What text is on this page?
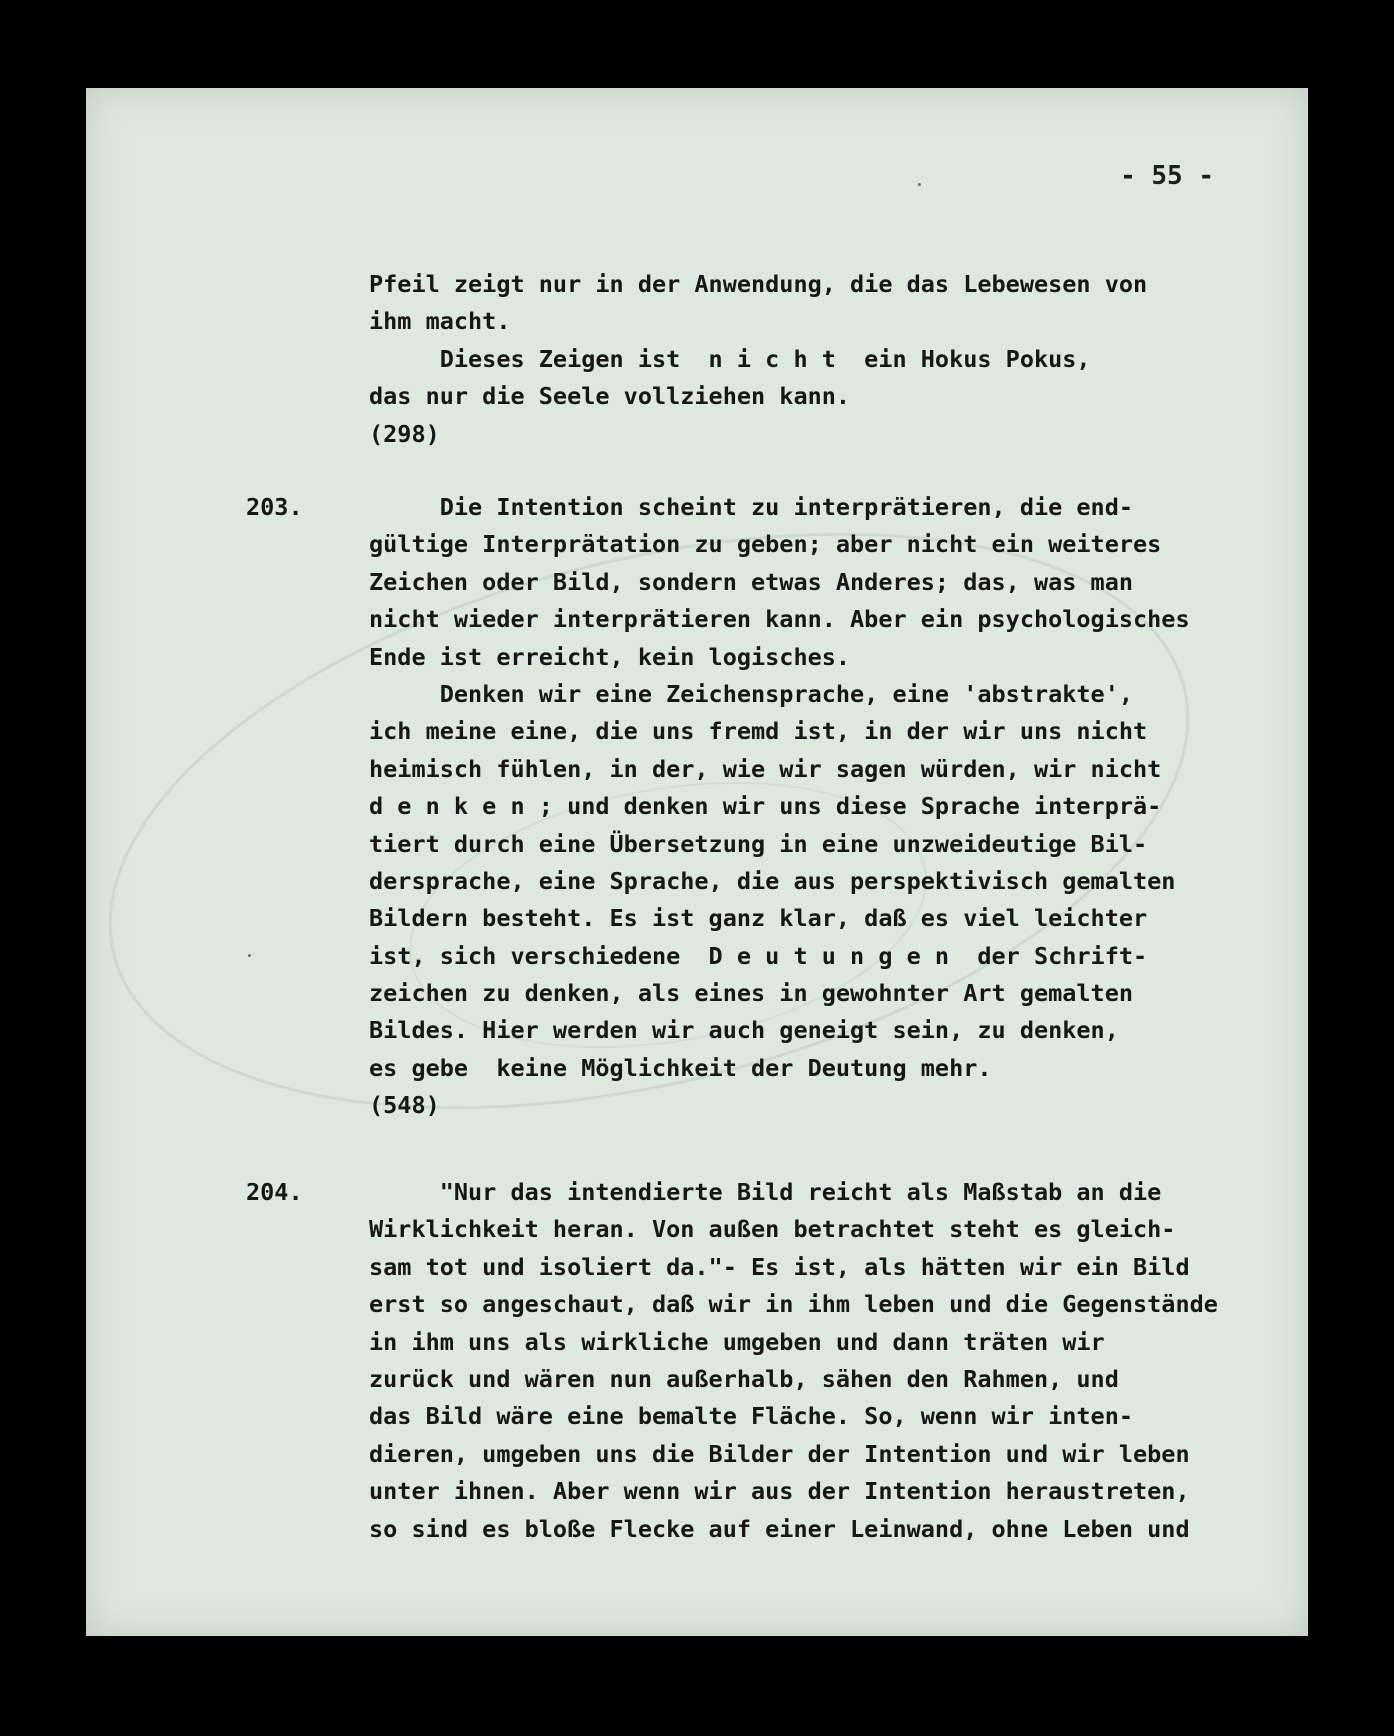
- 55 -
Pfeil zeigt nur in der Anwendung, die das Lebewesen von
ihm macht.
Dieses Zeigen ist  n i c h t  ein Hokus Pokus,
das nur die Seele vollziehen kann.
(298)
203.	Die Intention scheint zu interprätieren, die end-
gültige Interprätation zu geben; aber nicht ein weiteres
Zeichen oder Bild, sondern etwas Anderes; das, was man
nicht wieder interprätieren kann. Aber ein psychologisches
Ende ist erreicht, kein logisches.
Denken wir eine Zeichensprache, eine 'abstrakte',
ich meine eine, die uns fremd ist, in der wir uns nicht
heimisch fühlen, in der, wie wir sagen würden, wir nicht
d e n k e n ; und denken wir uns diese Sprache interprä-
tiert durch eine Übersetzung in eine unzweideutige Bil-
dersprache, eine Sprache, die aus perspektivisch gemalten
Bildern besteht. Es ist ganz klar, daß es viel leichter
ist, sich verschiedene  D e u t u n g e n  der Schrift-
zeichen zu denken, als eines in gewohnter Art gemalten
Bildes. Hier werden wir auch geneigt sein, zu denken,
es gebe  keine Möglichkeit der Deutung mehr.
(548)
204.	"Nur das intendierte Bild reicht als Maßstab an die
Wirklichkeit heran. Von außen betrachtet steht es gleich-
sam tot und isoliert da."- Es ist, als hätten wir ein Bild
erst so angeschaut, daß wir in ihm leben und die Gegenstände
in ihm uns als wirkliche umgeben und dann träten wir
zurück und wären nun außerhalb, sähen den Rahmen, und
das Bild wäre eine bemalte Fläche. So, wenn wir inten-
dieren, umgeben uns die Bilder der Intention und wir leben
unter ihnen. Aber wenn wir aus der Intention heraustreten,
so sind es bloße Flecke auf einer Leinwand, ohne Leben und
